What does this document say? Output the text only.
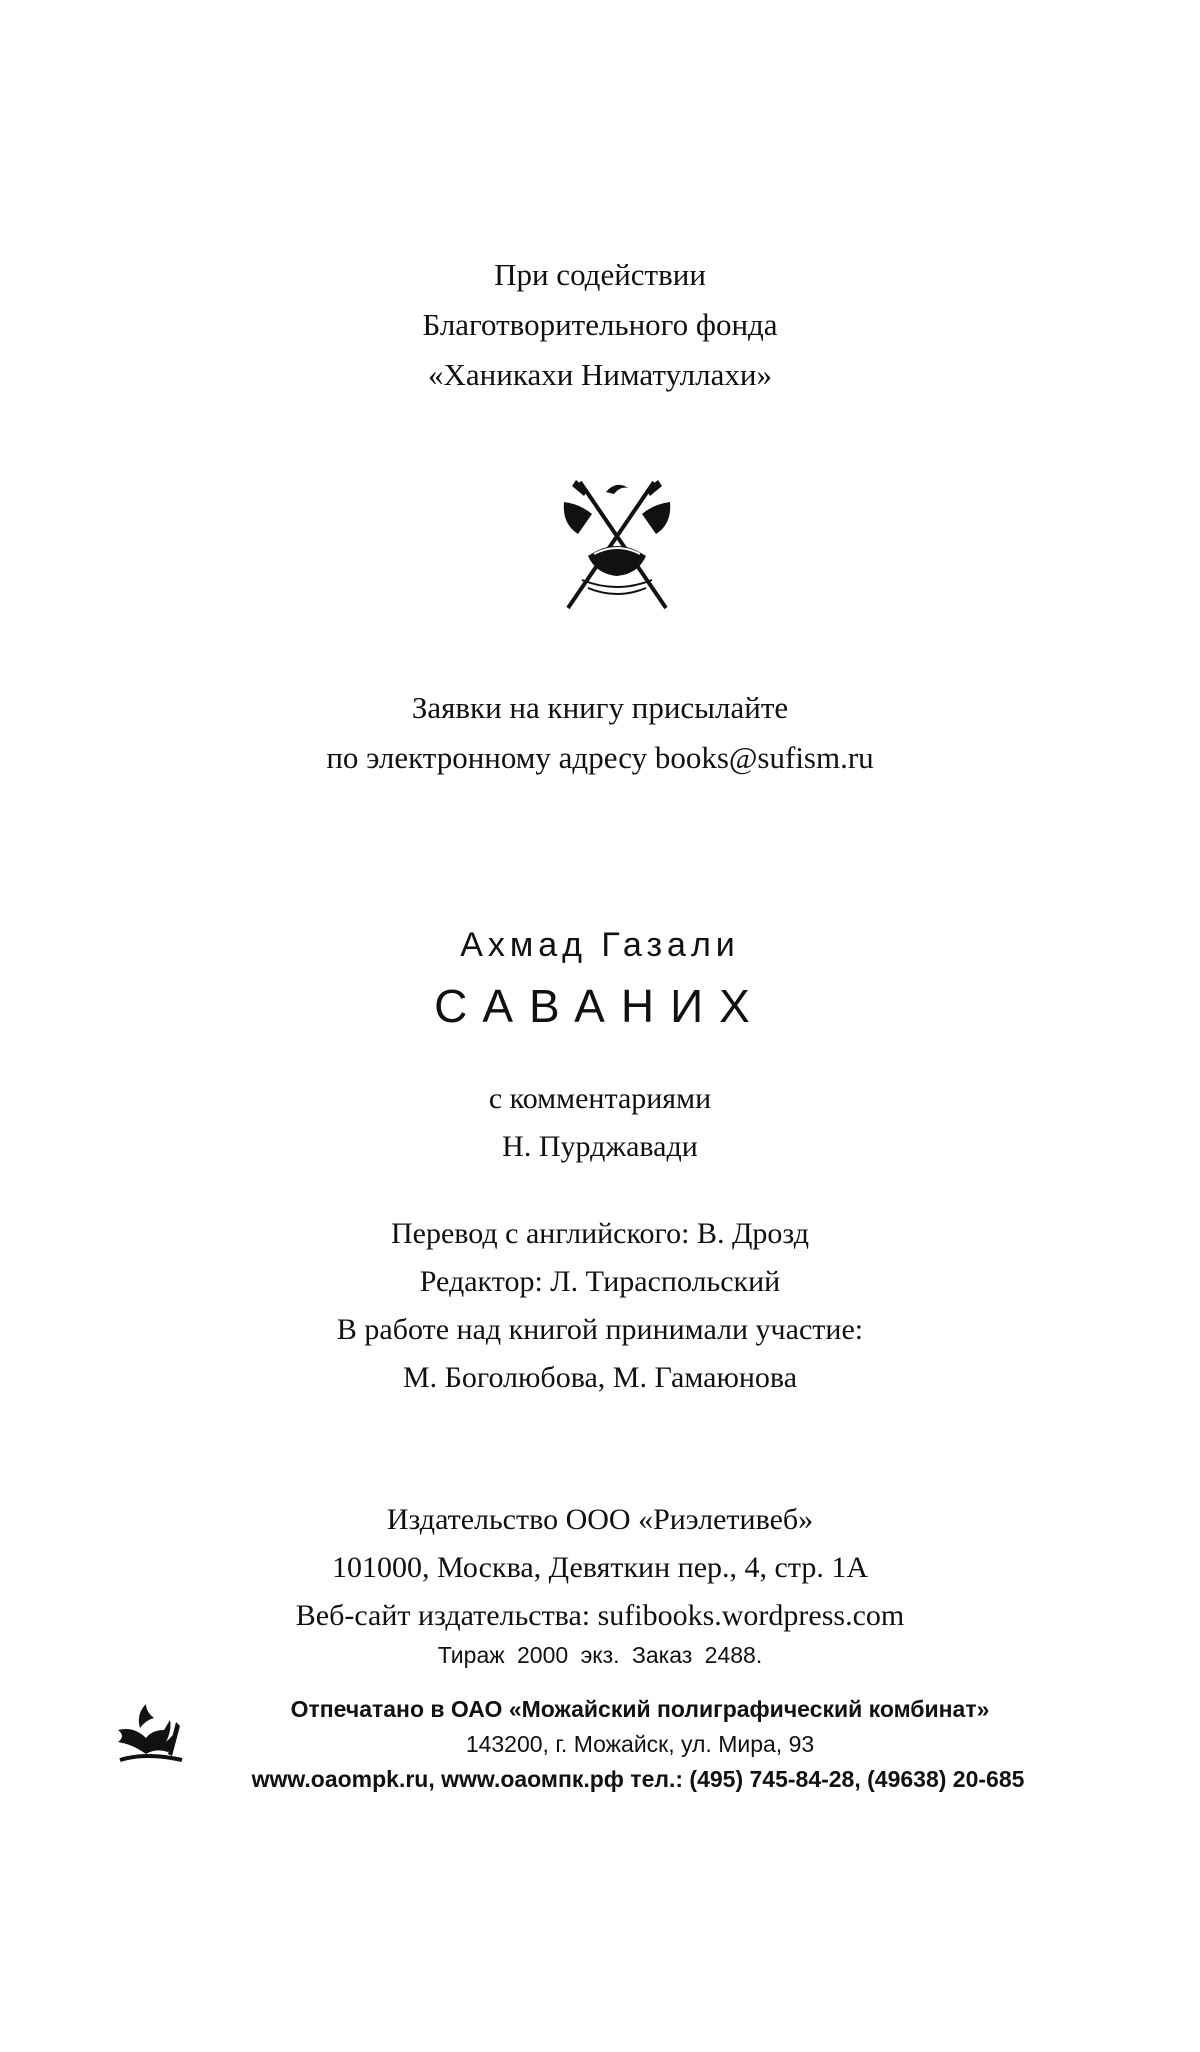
При содействии
Благотворительного фонда
«Ханикахи Ниматуллахи»
Заявки на книгу присылайте
по электронному адресу books@sufism.ru
Ахмад Газали
САВАНИХ
с комментариями
Н. Пурджавади
Перевод с английского: В. Дрозд
Редактор: Л. Тираспольский
В работе над книгой принимали участие:
М. Боголюбова, М. Гамаюнова
Издательство ООО «Риэлетивеб»
101000, Москва, Девяткин пер., 4, стр. 1А
Веб-сайт издательства: sufibooks.wordpress.com
Тираж 2000 экз. Заказ 2488.
Отпечатано в ОАО «Можайский полиграфический комбинат»
143200, г. Можайск, ул. Мира, 93
www.oaompk.ru, www.оаомпк.рф тел.: (495) 745-84-28, (49638) 20-685
